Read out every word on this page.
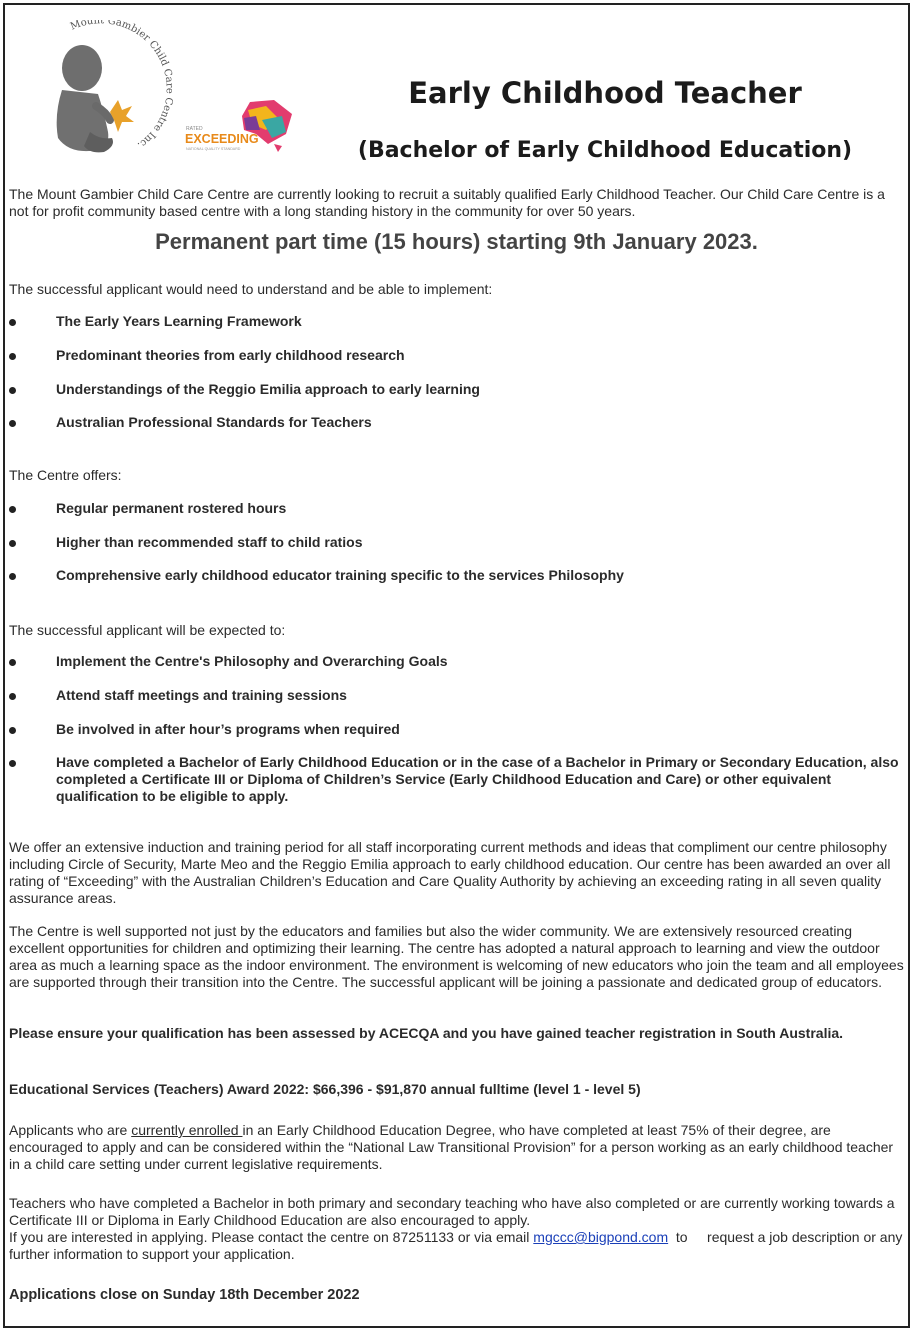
Mount Gambier Child Care Centre Inc.
RATED
EXCEEDING
NATIONAL QUALITY STANDARD
Early Childhood Teacher
(Bachelor of Early Childhood Education)
The Mount Gambier Child Care Centre are currently looking to recruit a suitably qualified Early Childhood Teacher. Our Child Care Centre is a not for profit community based centre with a long standing history in the community for over 50 years.
Permanent part time (15 hours) starting 9th January 2023.
The successful applicant would need to understand and be able to implement:
The Early Years Learning Framework
Predominant theories from early childhood research
Understandings of the Reggio Emilia approach to early learning
Australian Professional Standards for Teachers
The Centre offers:
Regular permanent rostered hours
Higher than recommended staff to child ratios
Comprehensive early childhood educator training specific to the services Philosophy
The successful applicant will be expected to:
Implement the Centre's Philosophy and Overarching Goals
Attend staff meetings and training sessions
Be involved in after hour’s programs when required
Have completed a Bachelor of Early Childhood Education or in the case of a Bachelor in Primary or Secondary Education, also completed a Certificate III or Diploma of Children’s Service (Early Childhood Education and Care) or other equivalent qualification to be eligible to apply.
We offer an extensive induction and training period for all staff incorporating current methods and ideas that compliment our centre philosophy including Circle of Security, Marte Meo and the Reggio Emilia approach to early childhood education. Our centre has been awarded an over all rating of “Exceeding” with the Australian Children’s Education and Care Quality Authority by achieving an exceeding rating in all seven quality assurance areas.
The Centre is well supported not just by the educators and families but also the wider community. We are extensively resourced creating excellent opportunities for children and optimizing their learning. The centre has adopted a natural approach to learning and view the outdoor area as much a learning space as the indoor environment. The environment is welcoming of new educators who join the team and all employees are supported through their transition into the Centre. The successful applicant will be joining a passionate and dedicated group of educators.
Please ensure your qualification has been assessed by ACECQA and you have gained teacher registration in South Australia.
Educational Services (Teachers) Award 2022: $66,396 - $91,870 annual fulltime (level 1 - level 5)
Applicants who are currently enrolled in an Early Childhood Education Degree, who have completed at least 75% of their degree, are encouraged to apply and can be considered within the “National Law Transitional Provision” for a person working as an early childhood teacher in a child care setting under current legislative requirements.
Teachers who have completed a Bachelor in both primary and secondary teaching who have also completed or are currently working towards a Certificate III or Diploma in Early Childhood Education are also encouraged to apply.
If you are interested in applying. Please contact the centre on 87251133 or via email mgccc@bigpond.com  to     request a job description or any further information to support your application.
Applications close on Sunday 18th December 2022
